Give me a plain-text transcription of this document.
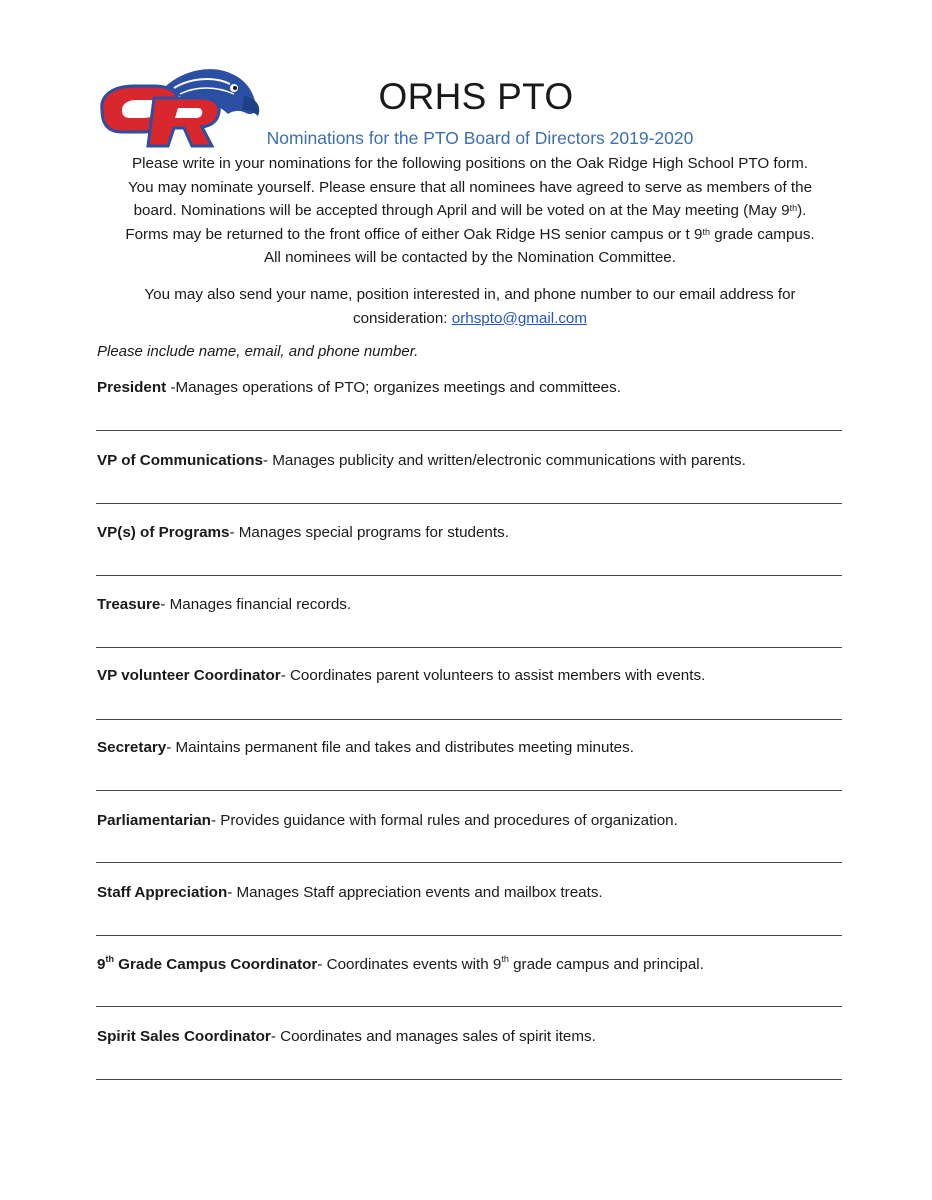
ORHS PTO
Nominations for the PTO Board of Directors 2019-2020

Please write in your nominations for the following positions on the Oak Ridge High School PTO form.

You may nominate yourself. Please ensure that all nominees have agreed to serve as members of the

board. Nominations will be accepted through April and will be voted on at the May meeting (May 9th).

Forms may be returned to the front office of either Oak Ridge HS senior campus or t 9th grade campus.

All nominees will be contacted by the Nomination Committee.

You may also send your name, position interested in, and phone number to our email address for

consideration: orhspto@gmail.com

Please include name, email, and phone number.
President -Manages operations of PTO; organizes meetings and committees.
VP of Communications- Manages publicity and written/electronic communications with parents.
VP(s) of Programs- Manages special programs for students.
Treasure- Manages financial records.
VP volunteer Coordinator- Coordinates parent volunteers to assist members with events.
Secretary- Maintains permanent file and takes and distributes meeting minutes.
Parliamentarian- Provides guidance with formal rules and procedures of organization.
Staff Appreciation- Manages Staff appreciation events and mailbox treats.
9th Grade Campus Coordinator- Coordinates events with 9th grade campus and principal.
Spirit Sales Coordinator- Coordinates and manages sales of spirit items.
